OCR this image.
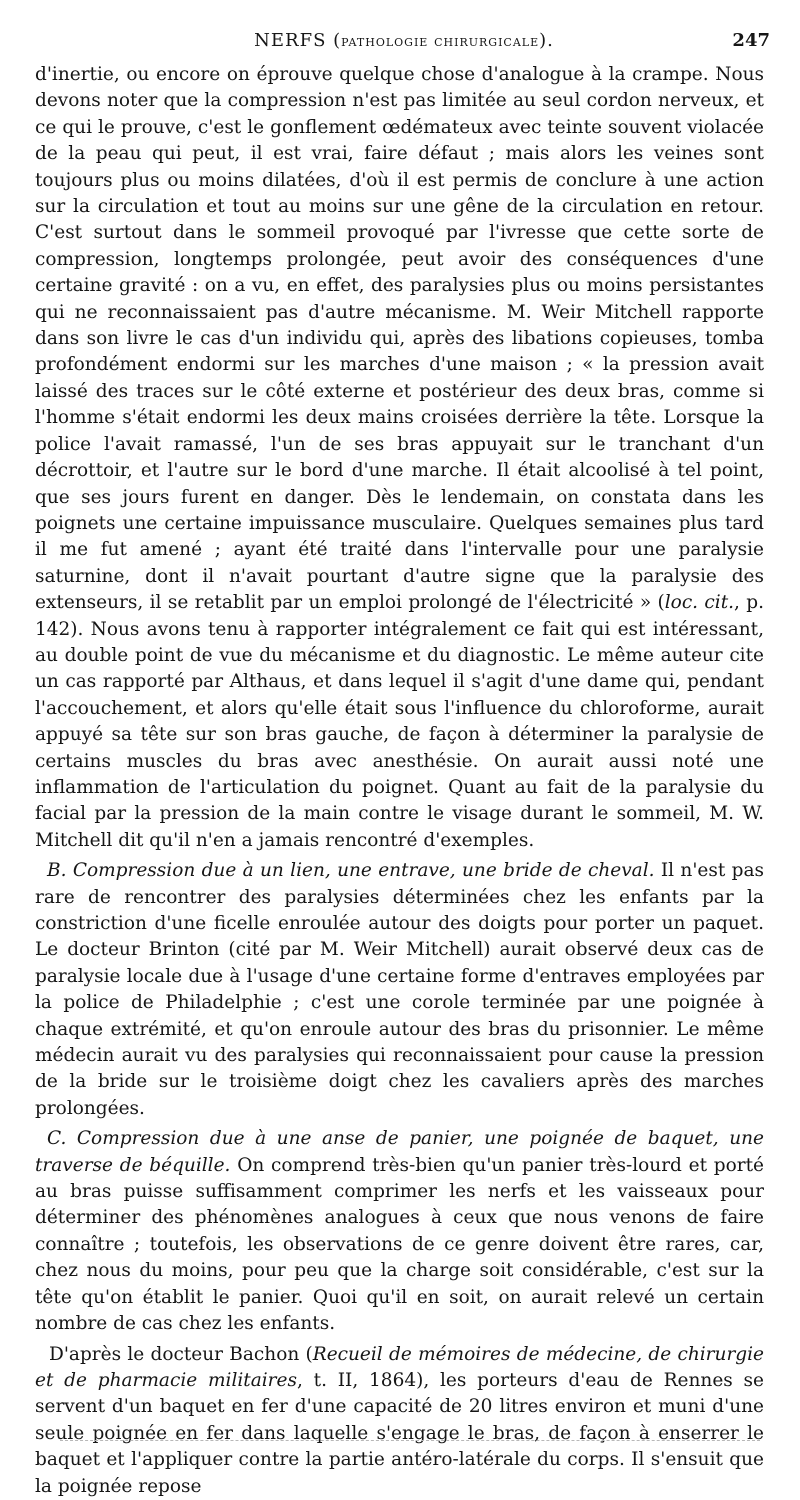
NERFS (pathologie chirurgicale).	247

d'inertie, ou encore on éprouve quelque chose d'analogue à la crampe. Nous devons noter que la compression n'est pas limitée au seul cordon nerveux, et ce qui le prouve, c'est le gonflement œdémateux avec teinte souvent violacée de la peau qui peut, il est vrai, faire défaut ; mais alors les veines sont toujours plus ou moins dilatées, d'où il est permis de conclure à une action sur la circulation et tout au moins sur une gêne de la circulation en retour. C'est surtout dans le sommeil provoqué par l'ivresse que cette sorte de compression, longtemps prolongée, peut avoir des conséquences d'une certaine gravité : on a vu, en effet, des paralysies plus ou moins persistantes qui ne reconnaissaient pas d'autre mécanisme. M. Weir Mitchell rapporte dans son livre le cas d'un individu qui, après des libations copieuses, tomba profondément endormi sur les marches d'une maison ; « la pression avait laissé des traces sur le côté externe et postérieur des deux bras, comme si l'homme s'était endormi les deux mains croisées derrière la tête. Lorsque la police l'avait ramassé, l'un de ses bras appuyait sur le tranchant d'un décrottoir, et l'autre sur le bord d'une marche. Il était alcoolisé à tel point, que ses jours furent en danger. Dès le lendemain, on constata dans les poignets une certaine impuissance musculaire. Quelques semaines plus tard il me fut amené ; ayant été traité dans l'intervalle pour une paralysie saturnine, dont il n'avait pourtant d'autre signe que la paralysie des extenseurs, il se retablit par un emploi prolongé de l'électricité » (loc. cit., p. 142). Nous avons tenu à rapporter intégralement ce fait qui est intéressant, au double point de vue du mécanisme et du diagnostic. Le même auteur cite un cas rapporté par Althaus, et dans lequel il s'agit d'une dame qui, pendant l'accouchement, et alors qu'elle était sous l'influence du chloroforme, aurait appuyé sa tête sur son bras gauche, de façon à déterminer la paralysie de certains muscles du bras avec anesthésie. On aurait aussi noté une inflammation de l'articulation du poignet. Quant au fait de la paralysie du facial par la pression de la main contre le visage durant le sommeil, M. W. Mitchell dit qu'il n'en a jamais rencontré d'exemples.

B. Compression due à un lien, une entrave, une bride de cheval. Il n'est pas rare de rencontrer des paralysies déterminées chez les enfants par la constriction d'une ficelle enroulée autour des doigts pour porter un paquet. Le docteur Brinton (cité par M. Weir Mitchell) aurait observé deux cas de paralysie locale due à l'usage d'une certaine forme d'entraves employées par la police de Philadelphie ; c'est une corole terminée par une poignée à chaque extrémité, et qu'on enroule autour des bras du prisonnier. Le même médecin aurait vu des paralysies qui reconnaissaient pour cause la pression de la bride sur le troisième doigt chez les cavaliers après des marches prolongées.

C. Compression due à une anse de panier, une poignée de baquet, une traverse de béquille. On comprend très-bien qu'un panier très-lourd et porté au bras puisse suffisamment comprimer les nerfs et les vaisseaux pour déterminer des phénomènes analogues à ceux que nous venons de faire connaître ; toutefois, les observations de ce genre doivent être rares, car, chez nous du moins, pour peu que la charge soit considérable, c'est sur la tête qu'on établit le panier. Quoi qu'il en soit, on aurait relevé un certain nombre de cas chez les enfants.

D'après le docteur Bachon (Recueil de mémoires de médecine, de chirurgie et de pharmacie militaires, t. II, 1864), les porteurs d'eau de Rennes se servent d'un baquet en fer d'une capacité de 20 litres environ et muni d'une seule poignée en fer dans laquelle s'engage le bras, de façon à enserrer le baquet et l'appliquer contre la partie antéro-latérale du corps. Il s'ensuit que la poignée repose
